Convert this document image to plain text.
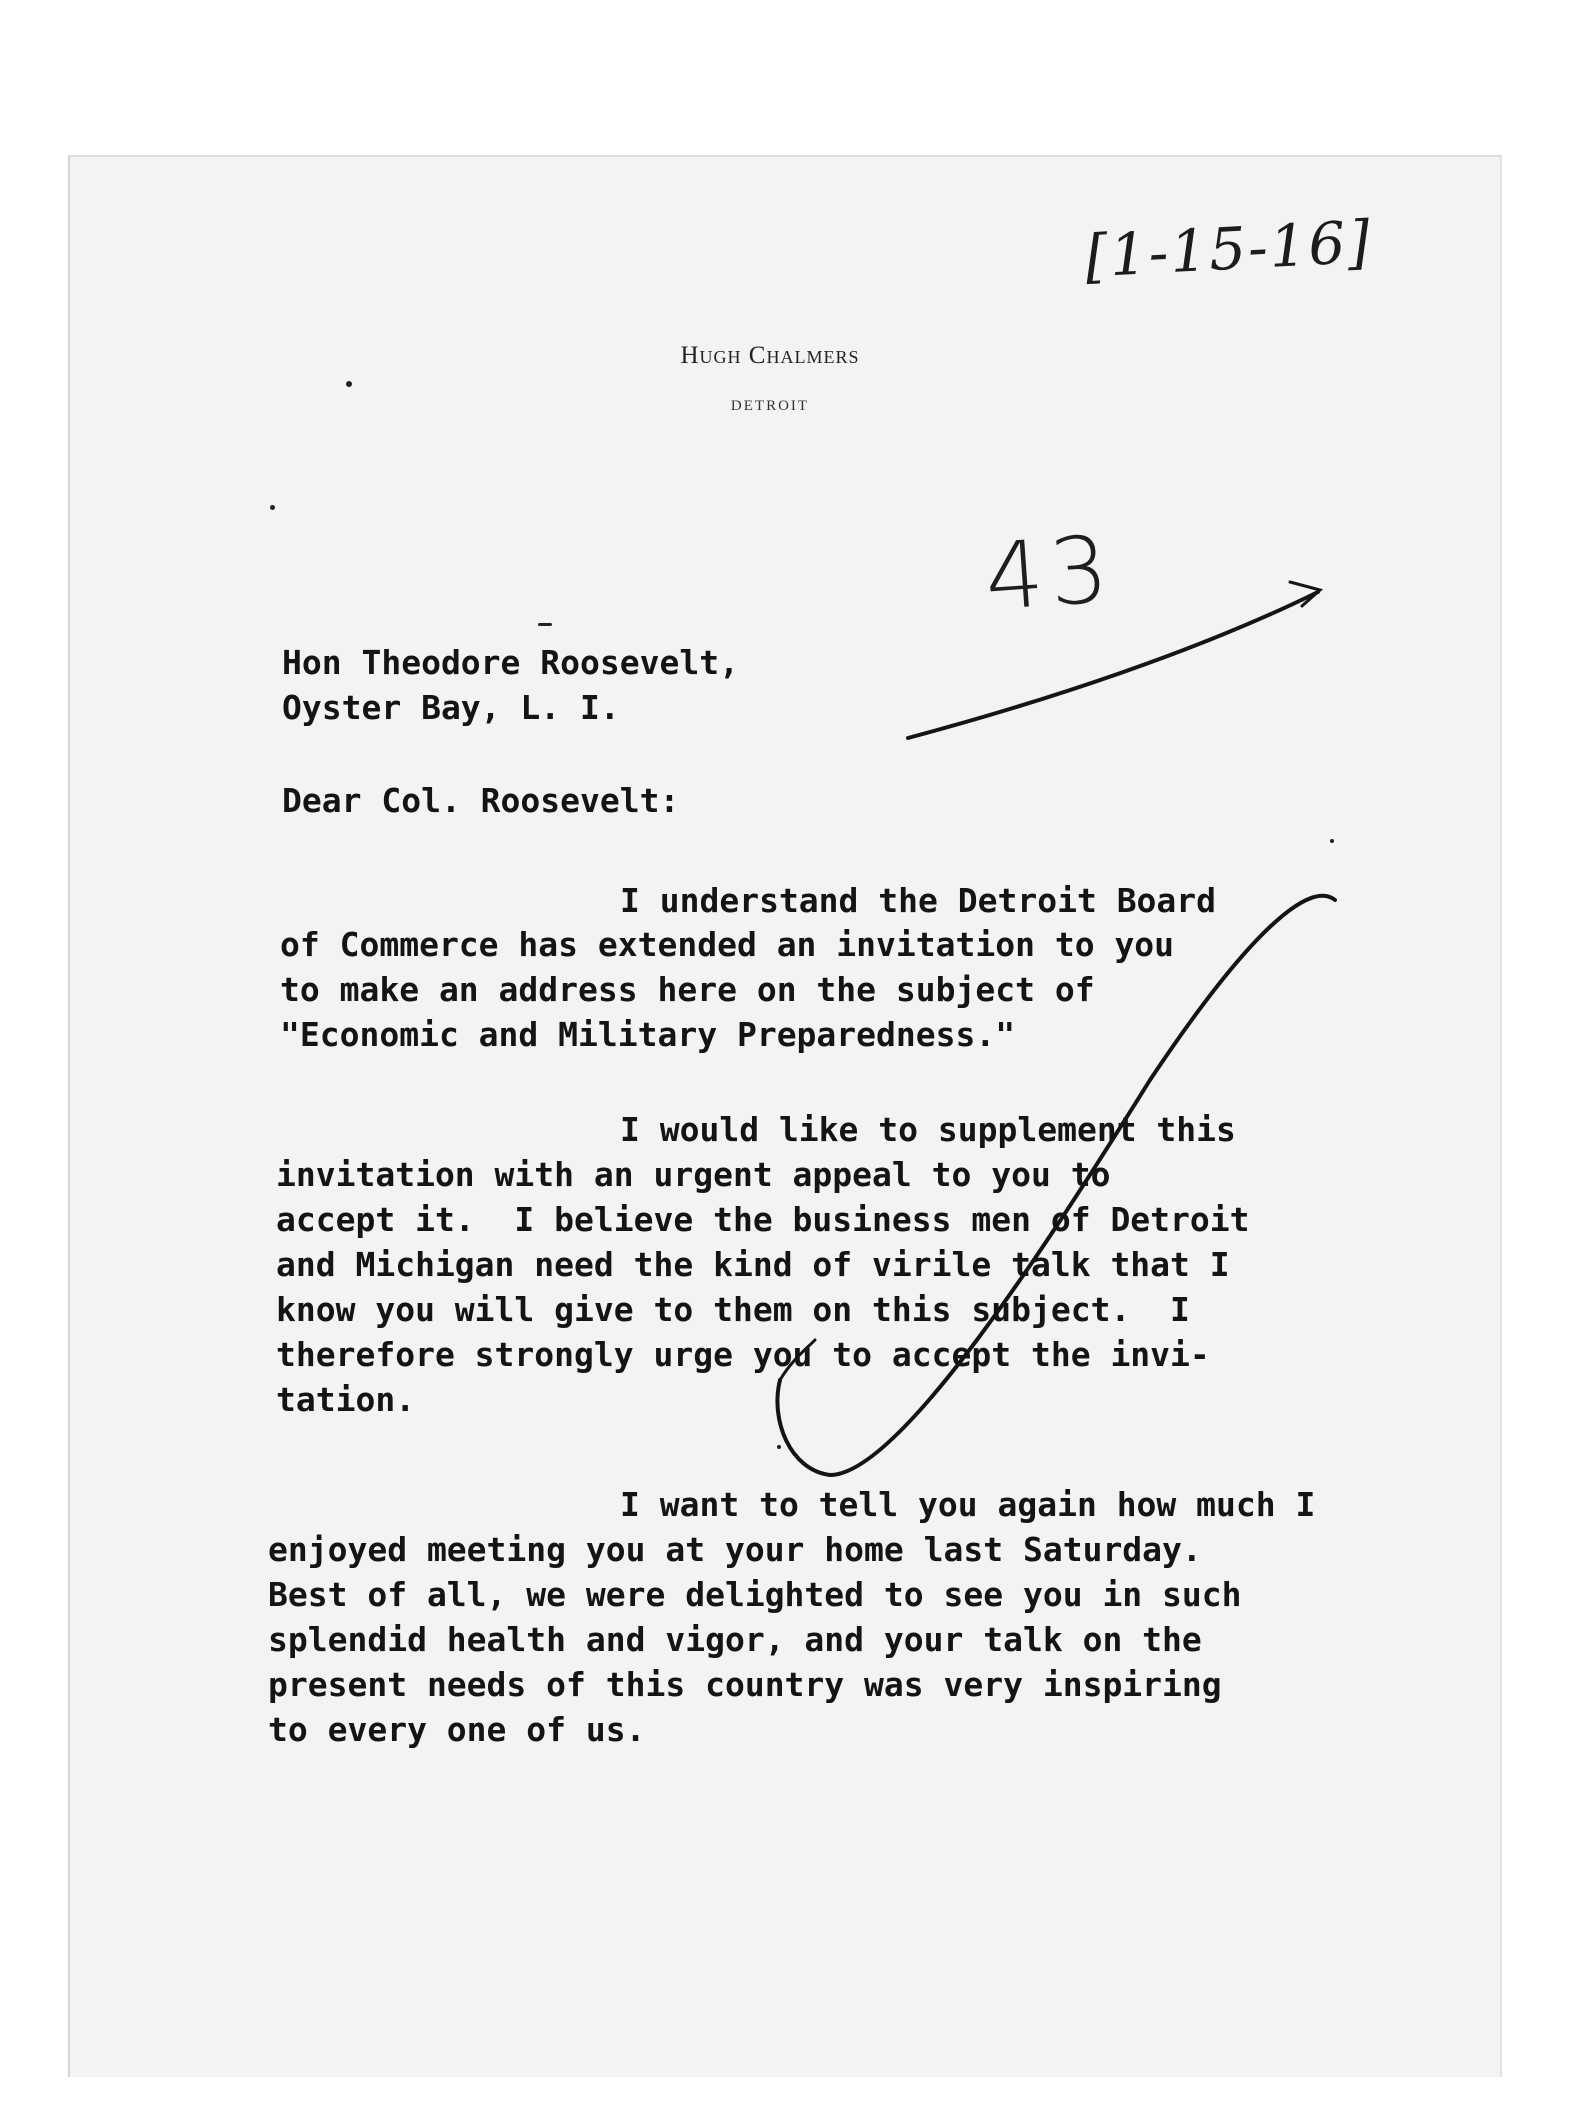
[1-15-16]

Hugh Chalmers

DETROIT

43

Hon Theodore Roosevelt,

Oyster Bay, L. I.

Dear Col. Roosevelt:

I understand the Detroit Board

of Commerce has extended an invitation to you

to make an address here on the subject of

"Economic and Military Preparedness."

I would like to supplement this

invitation with an urgent appeal to you to

accept it.  I believe the business men of Detroit

and Michigan need the kind of virile talk that I

know you will give to them on this subject.  I

therefore strongly urge you to accept the invi-

tation.

I want to tell you again how much I

enjoyed meeting you at your home last Saturday.

Best of all, we were delighted to see you in such

splendid health and vigor, and your talk on the

present needs of this country was very inspiring

to every one of us.
